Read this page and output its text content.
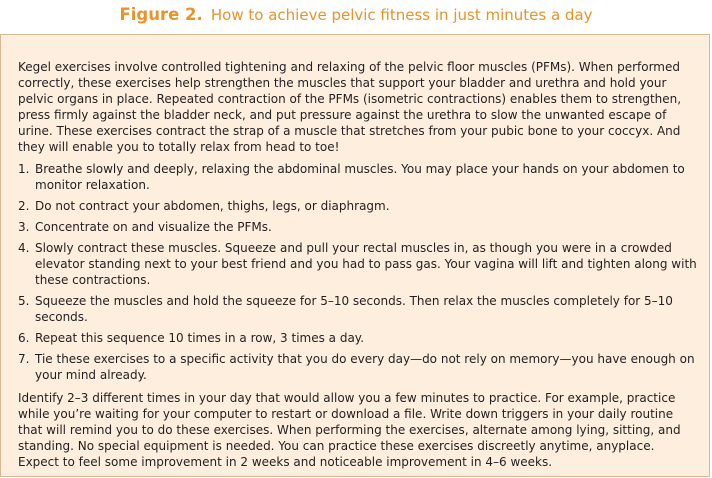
Figure 2. How to achieve pelvic fitness in just minutes a day

Kegel exercises involve controlled tightening and relaxing of the pelvic floor muscles (PFMs). When performed correctly, these exercises help strengthen the muscles that support your bladder and urethra and hold your pelvic organs in place. Repeated contraction of the PFMs (isometric contractions) enables them to strengthen, press firmly against the bladder neck, and put pressure against the urethra to slow the unwanted escape of urine. These exercises contract the strap of a muscle that stretches from your pubic bone to your coccyx. And they will enable you to totally relax from head to toe!

1. Breathe slowly and deeply, relaxing the abdominal muscles. You may place your hands on your abdomen to monitor relaxation.
2. Do not contract your abdomen, thighs, legs, or diaphragm.
3. Concentrate on and visualize the PFMs.
4. Slowly contract these muscles. Squeeze and pull your rectal muscles in, as though you were in a crowded elevator standing next to your best friend and you had to pass gas. Your vagina will lift and tighten along with these contractions.
5. Squeeze the muscles and hold the squeeze for 5–10 seconds. Then relax the muscles completely for 5–10 seconds.
6. Repeat this sequence 10 times in a row, 3 times a day.
7. Tie these exercises to a specific activity that you do every day—do not rely on memory—you have enough on your mind already.

Identify 2–3 different times in your day that would allow you a few minutes to practice. For example, practice while you’re waiting for your computer to restart or download a file. Write down triggers in your daily routine that will remind you to do these exercises. When performing the exercises, alternate among lying, sitting, and standing. No special equipment is needed. You can practice these exercises discreetly anytime, anyplace. Expect to feel some improvement in 2 weeks and noticeable improvement in 4–6 weeks.
